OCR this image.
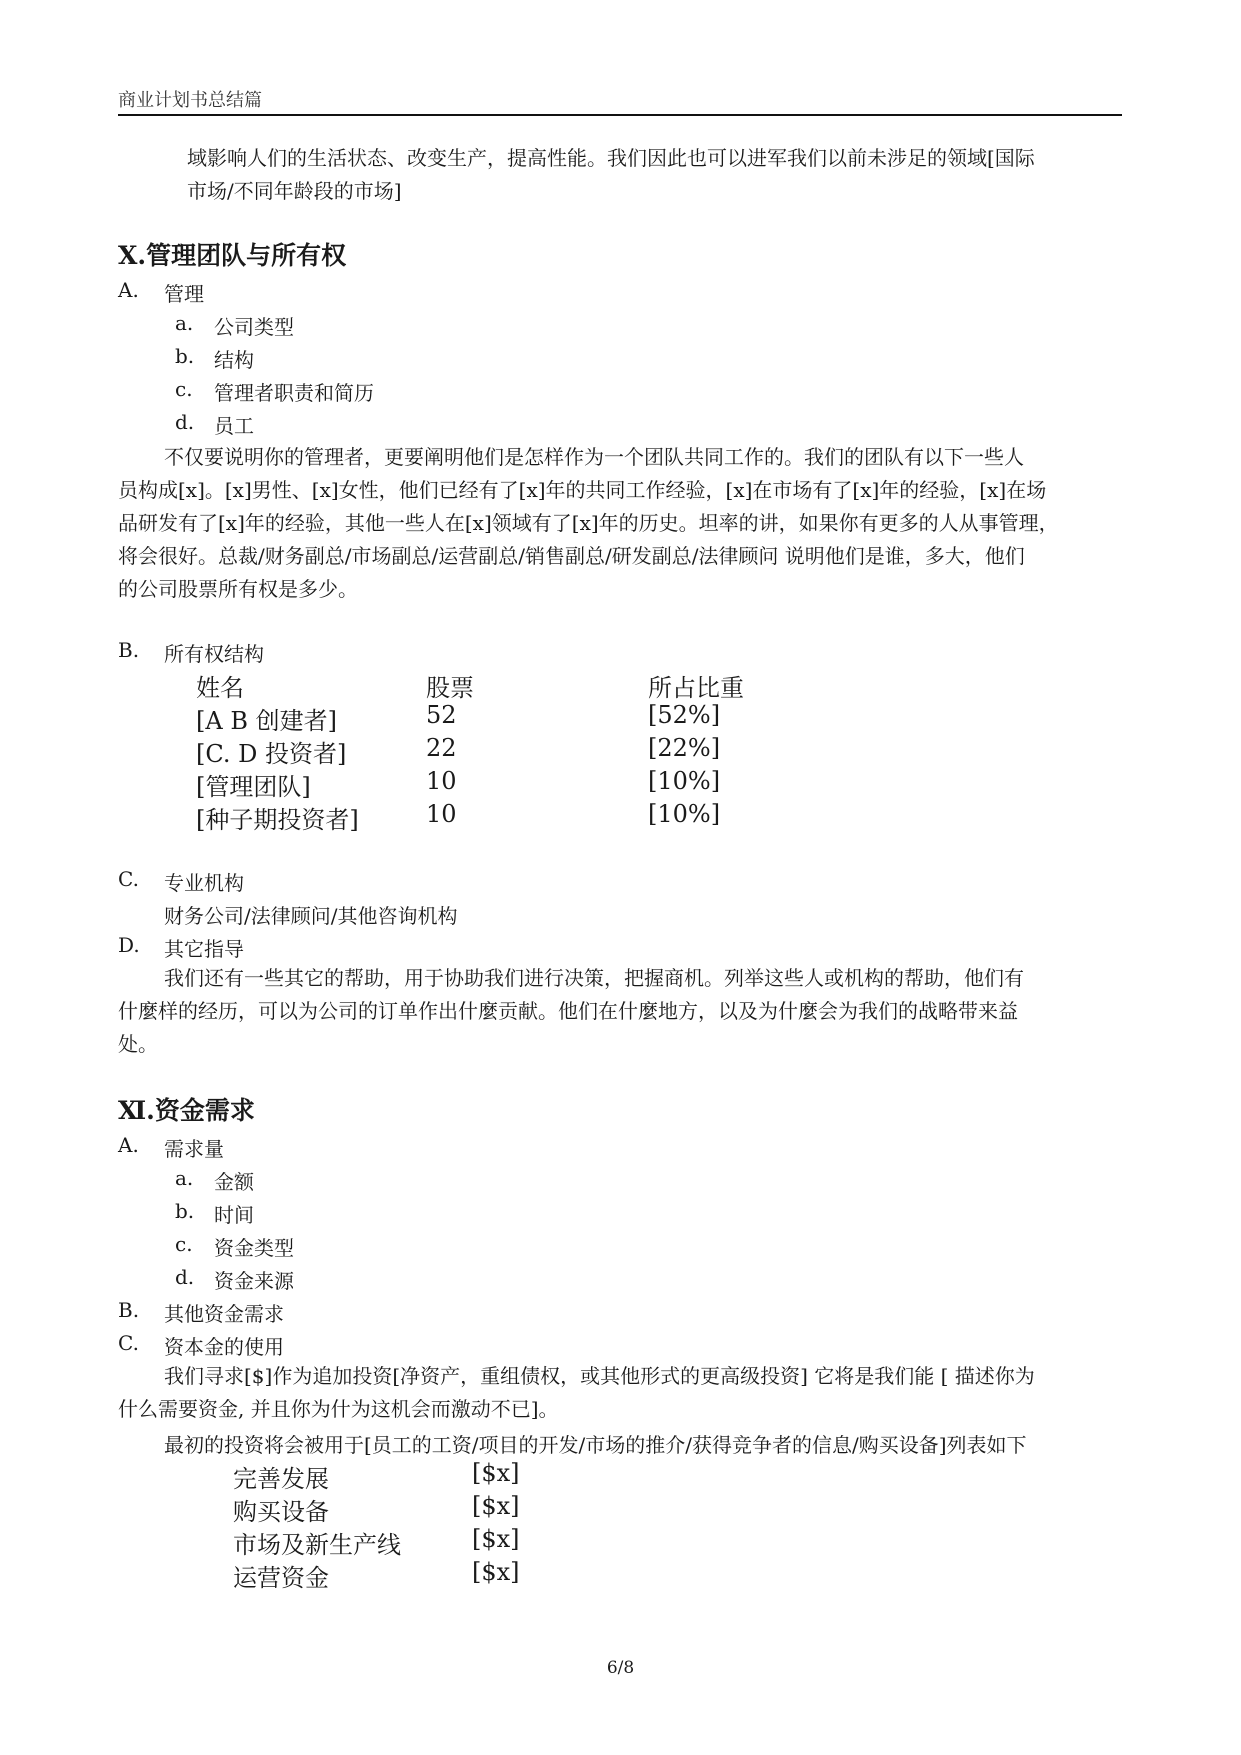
商业计划书总结篇
域影响人们的生活状态、改变生产，提高性能。我们因此也可以进军我们以前未涉足的领域[国际
市场/不同年龄段的市场]
Ⅹ.管理团队与所有权
A. 管理
a. 公司类型
b. 结构
c. 管理者职责和简历
d. 员工
不仅要说明你的管理者，更要阐明他们是怎样作为一个团队共同工作的。我们的团队有以下一些人
员构成[x]。[x]男性、[x]女性，他们已经有了[x]年的共同工作经验，[x]在市场有了[x]年的经验，[x]在场
品研发有了[x]年的经验，其他一些人在[x]领域有了[x]年的历史。坦率的讲，如果你有更多的人从事管理，
将会很好。总裁/财务副总/市场副总/运营副总/销售副总/研发副总/法律顾问 说明他们是谁，多大，他们
的公司股票所有权是多少。
B. 所有权结构
姓名	股票	所占比重
[A B 创建者]	52	[52%]
[C. D 投资者]	22	[22%]
[管理团队]	10	[10%]
[种子期投资者]	10	[10%]
C. 专业机构
财务公司/法律顾问/其他咨询机构
D. 其它指导
我们还有一些其它的帮助，用于协助我们进行决策，把握商机。列举这些人或机构的帮助，他们有
什麼样的经历，可以为公司的订单作出什麼贡献。他们在什麼地方，以及为什麼会为我们的战略带来益
处。
Ⅺ.资金需求
A. 需求量
a. 金额
b. 时间
c. 资金类型
d. 资金来源
B. 其他资金需求
C. 资本金的使用
我们寻求[$]作为追加投资[净资产，重组债权，或其他形式的更高级投资] 它将是我们能 [ 描述你为
什么需要资金, 并且你为什为这机会而激动不已]。
最初的投资将会被用于[员工的工资/项目的开发/市场的推介/获得竞争者的信息/购买设备]列表如下
完善发展	[$x]
购买设备	[$x]
市场及新生产线	[$x]
运营资金	[$x]
6/8
